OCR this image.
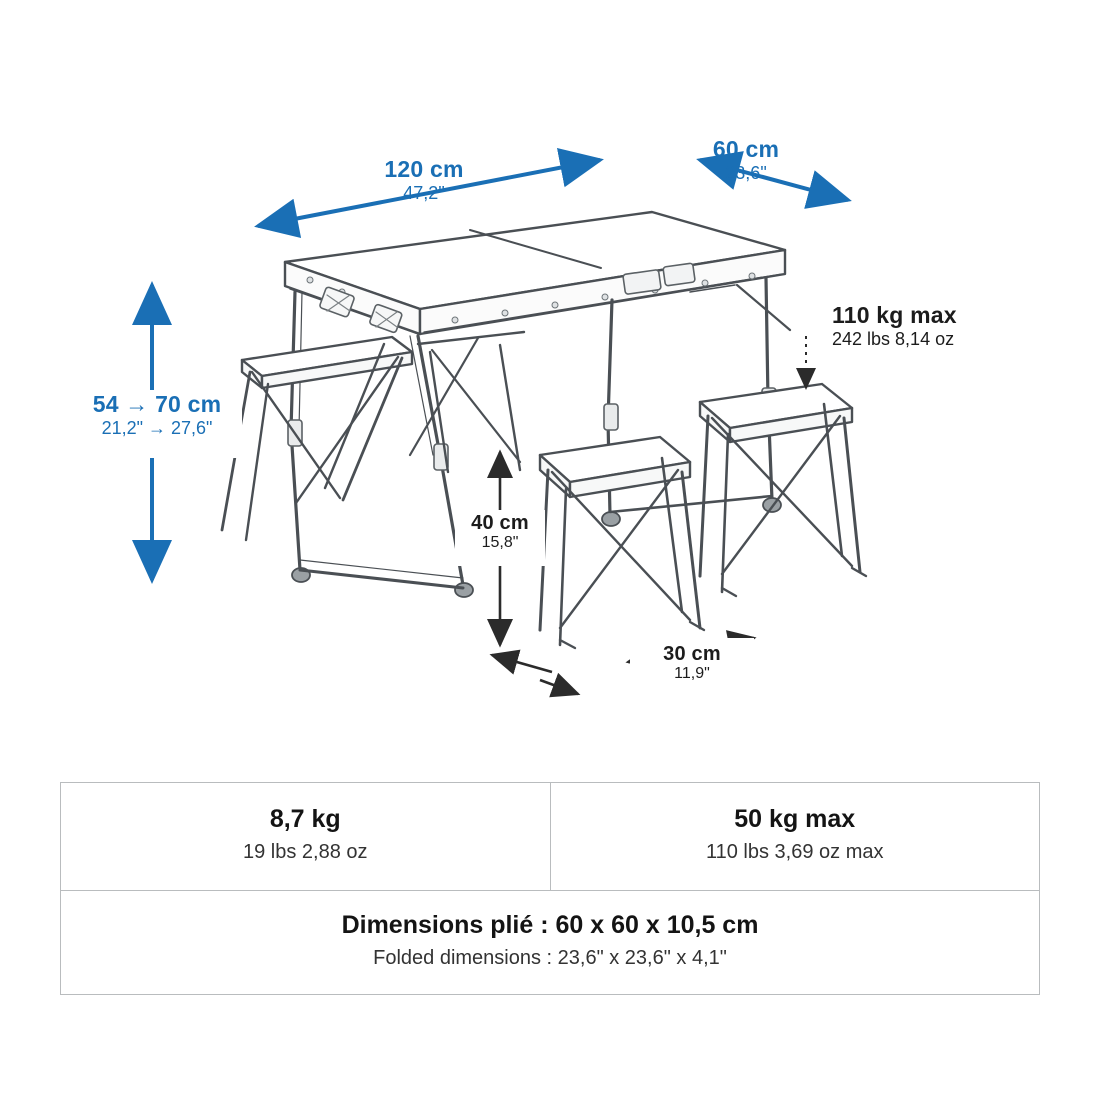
120 cm
47,2"
60 cm
23,6"
54 → 70 cm
21,2" → 27,6"
110 kg max
242 lbs 8,14 oz
40 cm
15,8"
30 cm
11,9"
8,7 kg
19 lbs 2,88 oz

50 kg max
110 lbs 3,69 oz max

Dimensions plié : 60 x 60 x 10,5 cm
Folded dimensions : 23,6" x 23,6" x 4,1"
